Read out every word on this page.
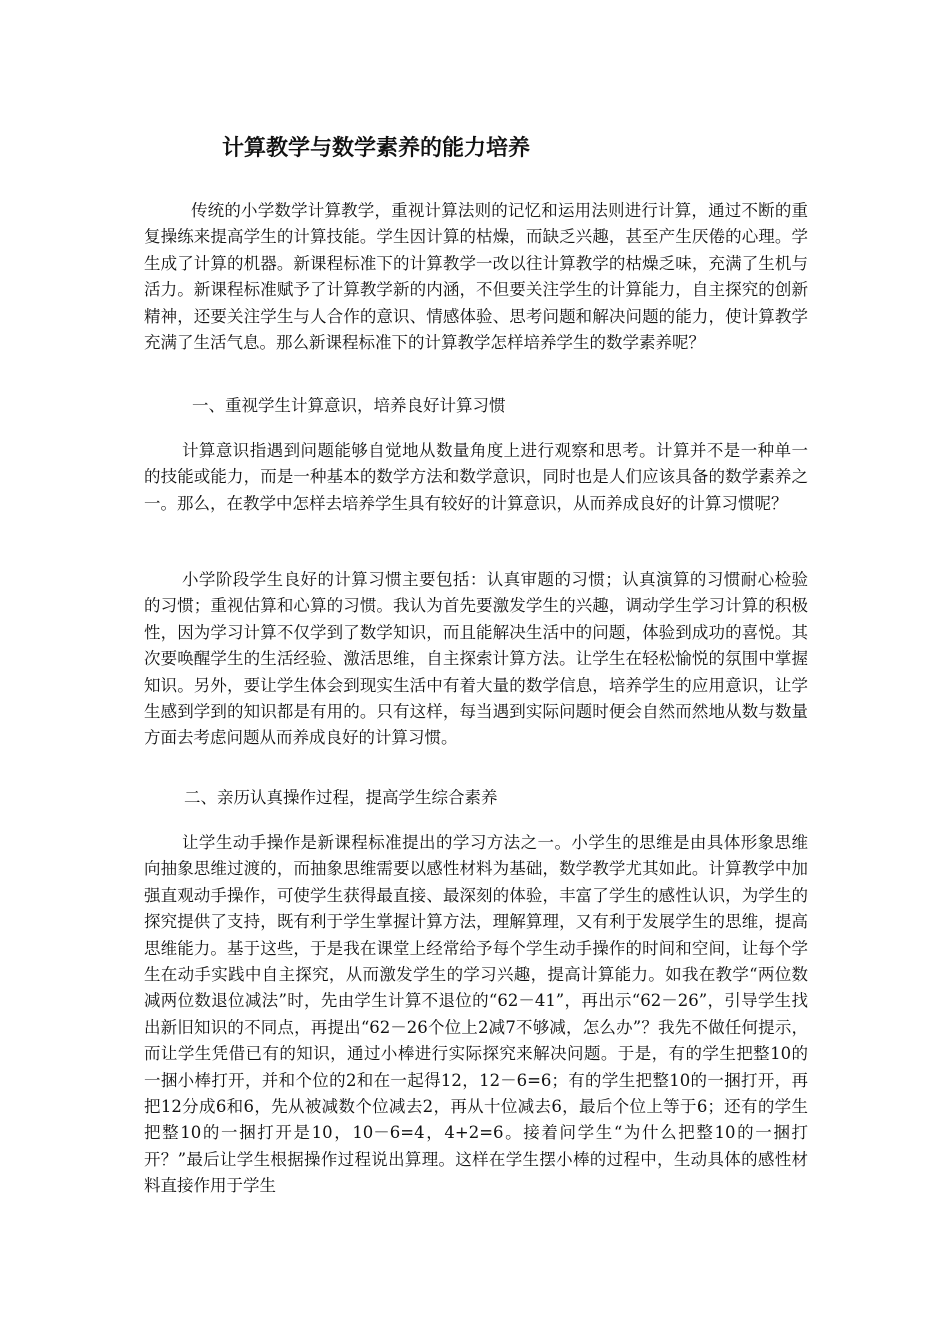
计算教学与数学素养的能力培养

传统的小学数学计算教学，重视计算法则的记忆和运用法则进行计算，通过不断的重复操练来提高学生的计算技能。学生因计算的枯燥，而缺乏兴趣，甚至产生厌倦的心理。学生成了计算的机器。新课程标准下的计算教学一改以往计算教学的枯燥乏味，充满了生机与活力。新课程标准赋予了计算教学新的内涵，不但要关注学生的计算能力，自主探究的创新精神，还要关注学生与人合作的意识、情感体验、思考问题和解决问题的能力，使计算教学充满了生活气息。那么新课程标准下的计算教学怎样培养学生的数学素养呢？

一、重视学生计算意识，培养良好计算习惯

计算意识指遇到问题能够自觉地从数量角度上进行观察和思考。计算并不是一种单一的技能或能力，而是一种基本的数学方法和数学意识，同时也是人们应该具备的数学素养之一。那么，在教学中怎样去培养学生具有较好的计算意识，从而养成良好的计算习惯呢？

小学阶段学生良好的计算习惯主要包括：认真审题的习惯；认真演算的习惯耐心检验的习惯；重视估算和心算的习惯。我认为首先要激发学生的兴趣，调动学生学习计算的积极性，因为学习计算不仅学到了数学知识，而且能解决生活中的问题，体验到成功的喜悦。其次要唤醒学生的生活经验、激活思维，自主探索计算方法。让学生在轻松愉悦的氛围中掌握知识。另外，要让学生体会到现实生活中有着大量的数学信息，培养学生的应用意识，让学生感到学到的知识都是有用的。只有这样，每当遇到实际问题时便会自然而然地从数与数量方面去考虑问题从而养成良好的计算习惯。

二、亲历认真操作过程，提高学生综合素养

让学生动手操作是新课程标准提出的学习方法之一。小学生的思维是由具体形象思维向抽象思维过渡的，而抽象思维需要以感性材料为基础，数学教学尤其如此。计算教学中加强直观动手操作，可使学生获得最直接、最深刻的体验，丰富了学生的感性认识，为学生的探究提供了支持，既有利于学生掌握计算方法，理解算理，又有利于发展学生的思维，提高思维能力。基于这些，于是我在课堂上经常给予每个学生动手操作的时间和空间，让每个学生在动手实践中自主探究，从而激发学生的学习兴趣，提高计算能力。如我在教学“两位数减两位数退位减法”时，先由学生计算不退位的“62－41”，再出示“62－26”，引导学生找出新旧知识的不同点，再提出“62－26个位上2减7不够减，怎么办”？我先不做任何提示，而让学生凭借已有的知识，通过小棒进行实际探究来解决问题。于是，有的学生把整10的一捆小棒打开，并和个位的2和在一起得12，12－6=6；有的学生把整10的一捆打开，再把12分成6和6，先从被减数个位减去2，再从十位减去6，最后个位上等于6；还有的学生把整10的一捆打开是10，10－6=4，4+2=6。接着问学生“为什么把整10的一捆打开？”最后让学生根据操作过程说出算理。这样在学生摆小棒的过程中，生动具体的感性材料直接作用于学生
